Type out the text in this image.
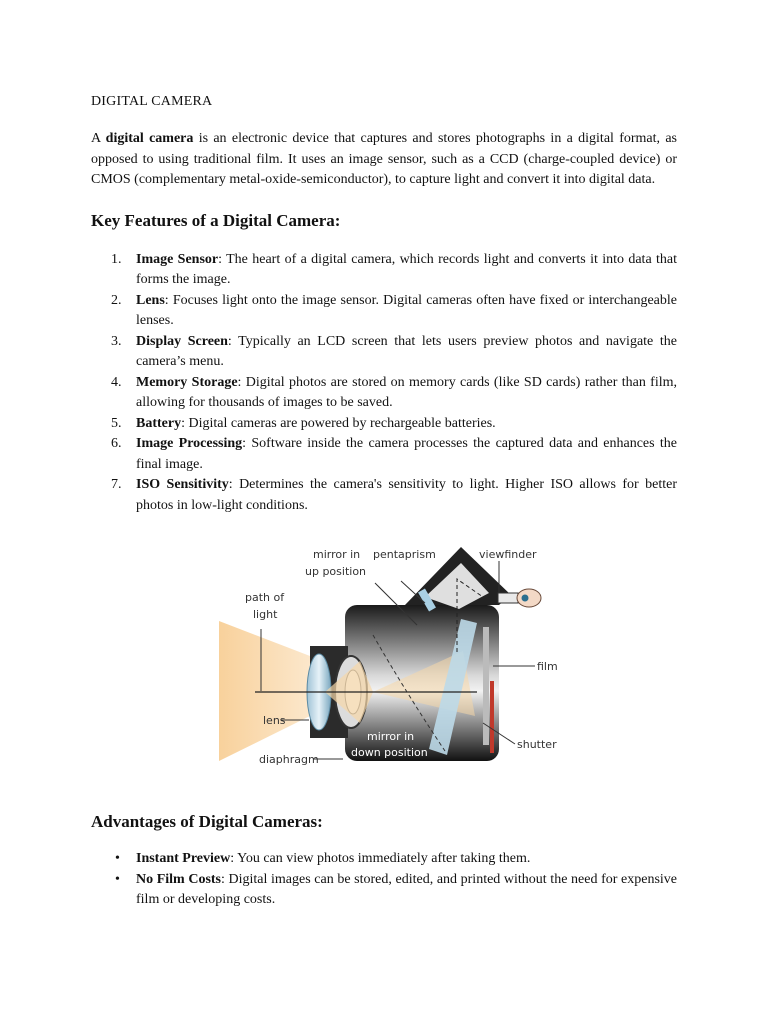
DIGITAL CAMERA

A digital camera is an electronic device that captures and stores photographs in a digital format, as opposed to using traditional film. It uses an image sensor, such as a CCD (charge-coupled device) or CMOS (complementary metal-oxide-semiconductor), to capture light and convert it into digital data.

Key Features of a Digital Camera:
1. Image Sensor: The heart of a digital camera, which records light and converts it into data that forms the image.
2. Lens: Focuses light onto the image sensor. Digital cameras often have fixed or interchangeable lenses.
3. Display Screen: Typically an LCD screen that lets users preview photos and navigate the camera’s menu.
4. Memory Storage: Digital photos are stored on memory cards (like SD cards) rather than film, allowing for thousands of images to be saved.
5. Battery: Digital cameras are powered by rechargeable batteries.
6. Image Processing: Software inside the camera processes the captured data and enhances the final image.
7. ISO Sensitivity: Determines the camera's sensitivity to light. Higher ISO allows for better photos in low-light conditions.
mirror in
up position
pentaprism	viewfinder
path of
light
film
lens
mirror in
down position
shutter
diaphragm
Advantages of Digital Cameras:
• Instant Preview: You can view photos immediately after taking them.
• No Film Costs: Digital images can be stored, edited, and printed without the need for expensive film or developing costs.
